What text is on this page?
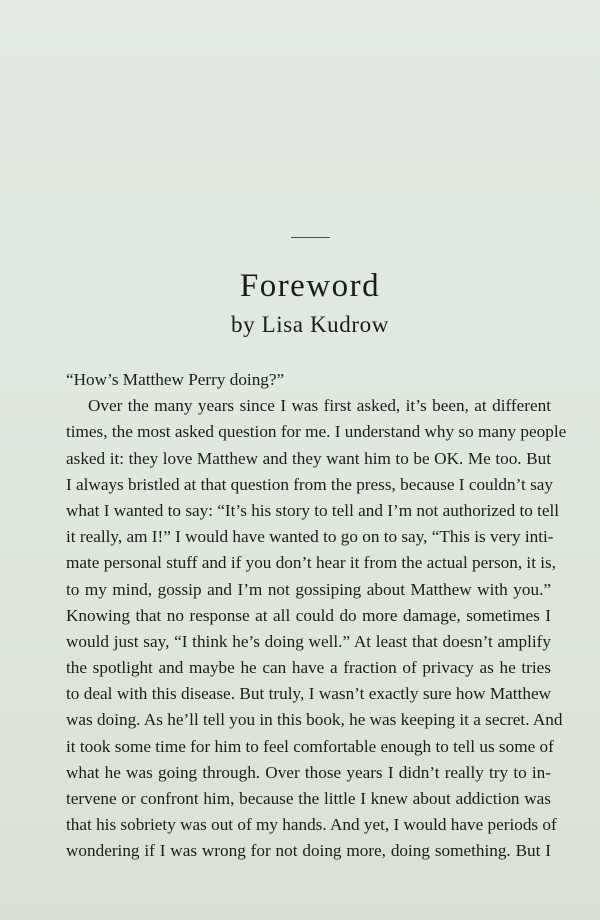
Foreword
by Lisa Kudrow
“How’s Matthew Perry doing?”
Over the many years since I was first asked, it’s been, at different
times, the most asked question for me. I understand why so many people
asked it: they love Matthew and they want him to be OK. Me too. But
I always bristled at that question from the press, because I couldn’t say
what I wanted to say: “It’s his story to tell and I’m not authorized to tell
it really, am I!” I would have wanted to go on to say, “This is very inti-
mate personal stuff and if you don’t hear it from the actual person, it is,
to my mind, gossip and I’m not gossiping about Matthew with you.”
Knowing that no response at all could do more damage, sometimes I
would just say, “I think he’s doing well.” At least that doesn’t amplify
the spotlight and maybe he can have a fraction of privacy as he tries
to deal with this disease. But truly, I wasn’t exactly sure how Matthew
was doing. As he’ll tell you in this book, he was keeping it a secret. And
it took some time for him to feel comfortable enough to tell us some of
what he was going through. Over those years I didn’t really try to in-
tervene or confront him, because the little I knew about addiction was
that his sobriety was out of my hands. And yet, I would have periods of
wondering if I was wrong for not doing more, doing something. But I
